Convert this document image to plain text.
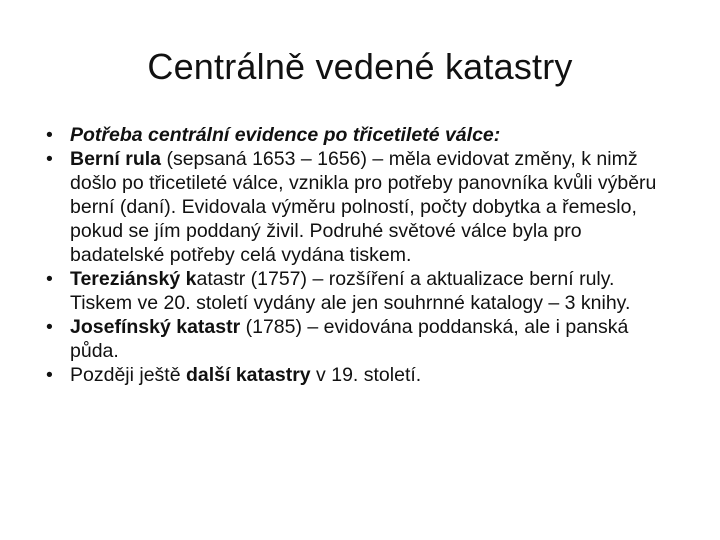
Centrálně vedené katastry
• Potřeba centrální evidence po třicetileté válce:
• Berní rula (sepsaná 1653 – 1656) – měla evidovat změny, k nimž došlo po třicetileté válce, vznikla pro potřeby panovníka kvůli výběru berní (daní). Evidovala výměru polností, počty dobytka a řemeslo, pokud se jím poddaný živil. Podruhé světové válce byla pro badatelské potřeby celá vydána tiskem.
• Tereziánský katastr (1757) – rozšíření a aktualizace berní ruly. Tiskem ve 20. století vydány ale jen souhrnné katalogy – 3 knihy.
• Josefínský katastr (1785) – evidována poddanská, ale i panská půda.
• Později ještě další katastry v 19. století.
